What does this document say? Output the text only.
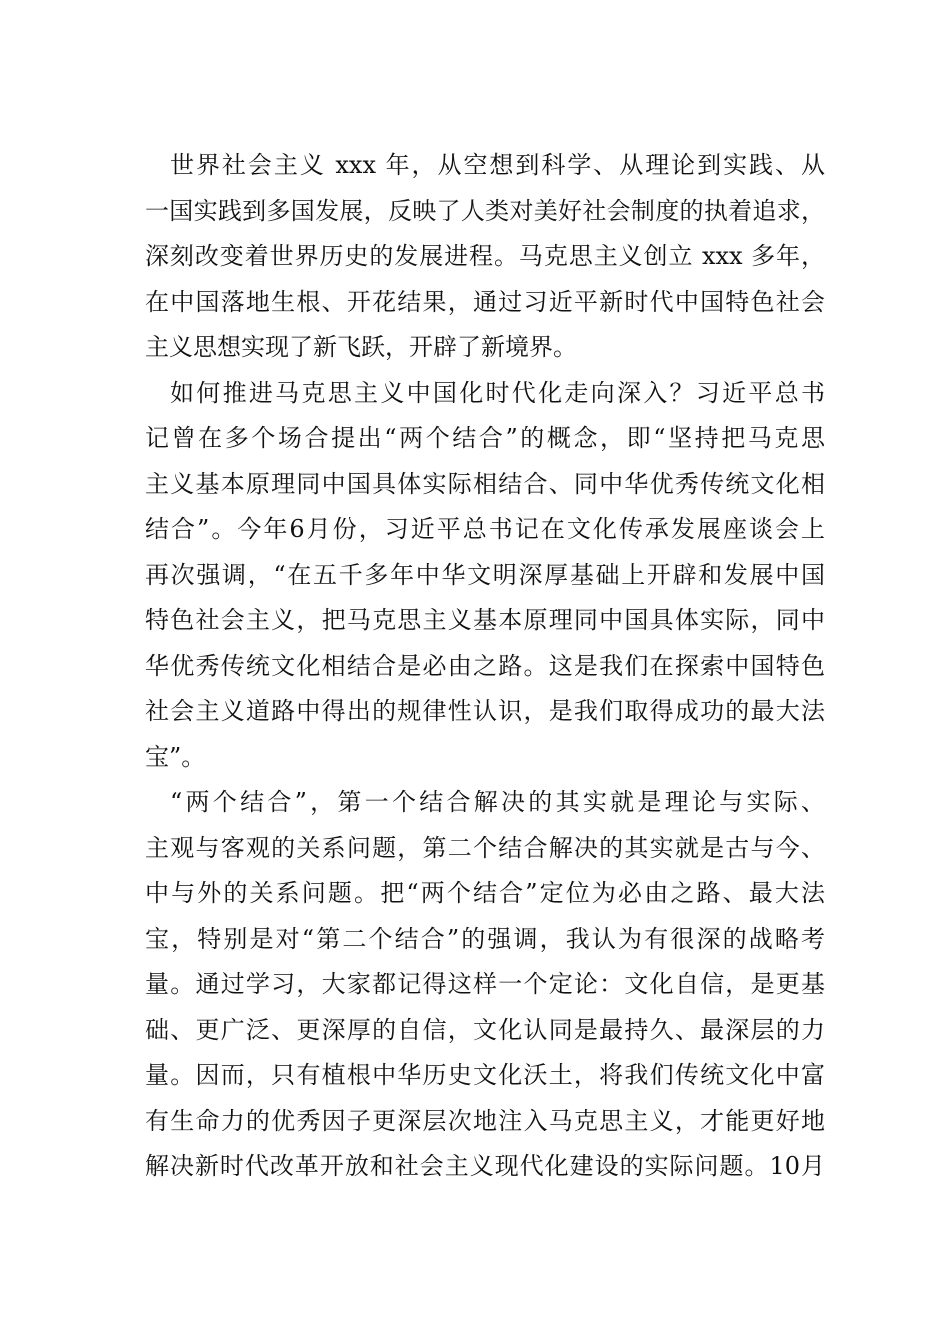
世界社会主义 xxx 年，从空想到科学、从理论到实践、从
一国实践到多国发展，反映了人类对美好社会制度的执着追求，
深刻改变着世界历史的发展进程。马克思主义创立 xxx 多年，
在中国落地生根、开花结果，通过习近平新时代中国特色社会
主义思想实现了新飞跃，开辟了新境界。
如何推进马克思主义中国化时代化走向深入？习近平总书
记曾在多个场合提出“两个结合”的概念，即“坚持把马克思
主义基本原理同中国具体实际相结合、同中华优秀传统文化相
结合”。今年6月份，习近平总书记在文化传承发展座谈会上
再次强调，“在五千多年中华文明深厚基础上开辟和发展中国
特色社会主义，把马克思主义基本原理同中国具体实际，同中
华优秀传统文化相结合是必由之路。这是我们在探索中国特色
社会主义道路中得出的规律性认识，是我们取得成功的最大法
宝”。
“两个结合”，第一个结合解决的其实就是理论与实际、
主观与客观的关系问题，第二个结合解决的其实就是古与今、
中与外的关系问题。把“两个结合”定位为必由之路、最大法
宝，特别是对“第二个结合”的强调，我认为有很深的战略考
量。通过学习，大家都记得这样一个定论：文化自信，是更基
础、更广泛、更深厚的自信，文化认同是最持久、最深层的力
量。因而，只有植根中华历史文化沃土，将我们传统文化中富
有生命力的优秀因子更深层次地注入马克思主义，才能更好地
解决新时代改革开放和社会主义现代化建设的实际问题。10月
